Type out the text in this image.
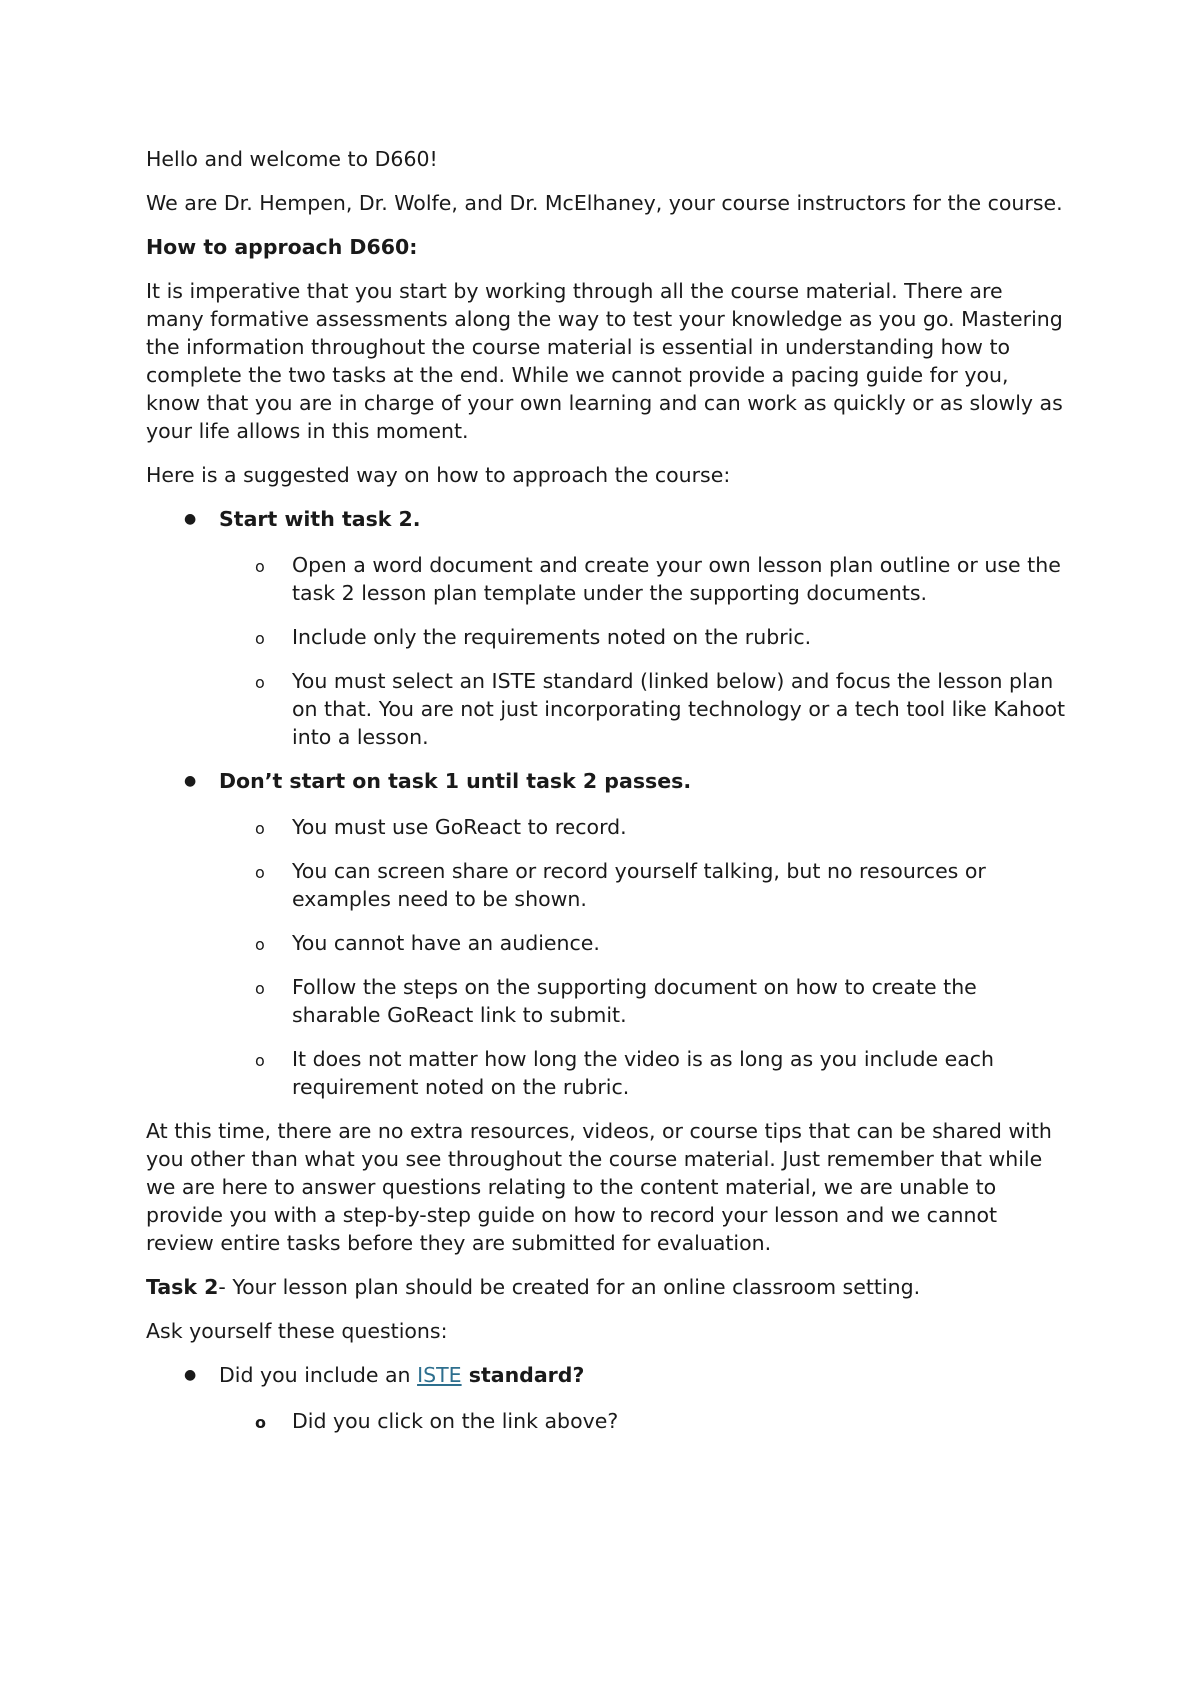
Hello and welcome to D660!

We are Dr. Hempen, Dr. Wolfe, and Dr. McElhaney, your course instructors for the course.

How to approach D660:

It is imperative that you start by working through all the course material. There are many formative assessments along the way to test your knowledge as you go. Mastering the information throughout the course material is essential in understanding how to complete the two tasks at the end. While we cannot provide a pacing guide for you, know that you are in charge of your own learning and can work as quickly or as slowly as your life allows in this moment.

Here is a suggested way on how to approach the course:

● Start with task 2.
o Open a word document and create your own lesson plan outline or use the task 2 lesson plan template under the supporting documents.
o Include only the requirements noted on the rubric.
o You must select an ISTE standard (linked below) and focus the lesson plan on that. You are not just incorporating technology or a tech tool like Kahoot into a lesson.
● Don’t start on task 1 until task 2 passes.
o You must use GoReact to record.
o You can screen share or record yourself talking, but no resources or examples need to be shown.
o You cannot have an audience.
o Follow the steps on the supporting document on how to create the sharable GoReact link to submit.
o It does not matter how long the video is as long as you include each requirement noted on the rubric.

At this time, there are no extra resources, videos, or course tips that can be shared with you other than what you see throughout the course material. Just remember that while we are here to answer questions relating to the content material, we are unable to provide you with a step-by-step guide on how to record your lesson and we cannot review entire tasks before they are submitted for evaluation.

Task 2- Your lesson plan should be created for an online classroom setting.

Ask yourself these questions:

● Did you include an ISTE standard?
o Did you click on the link above?
